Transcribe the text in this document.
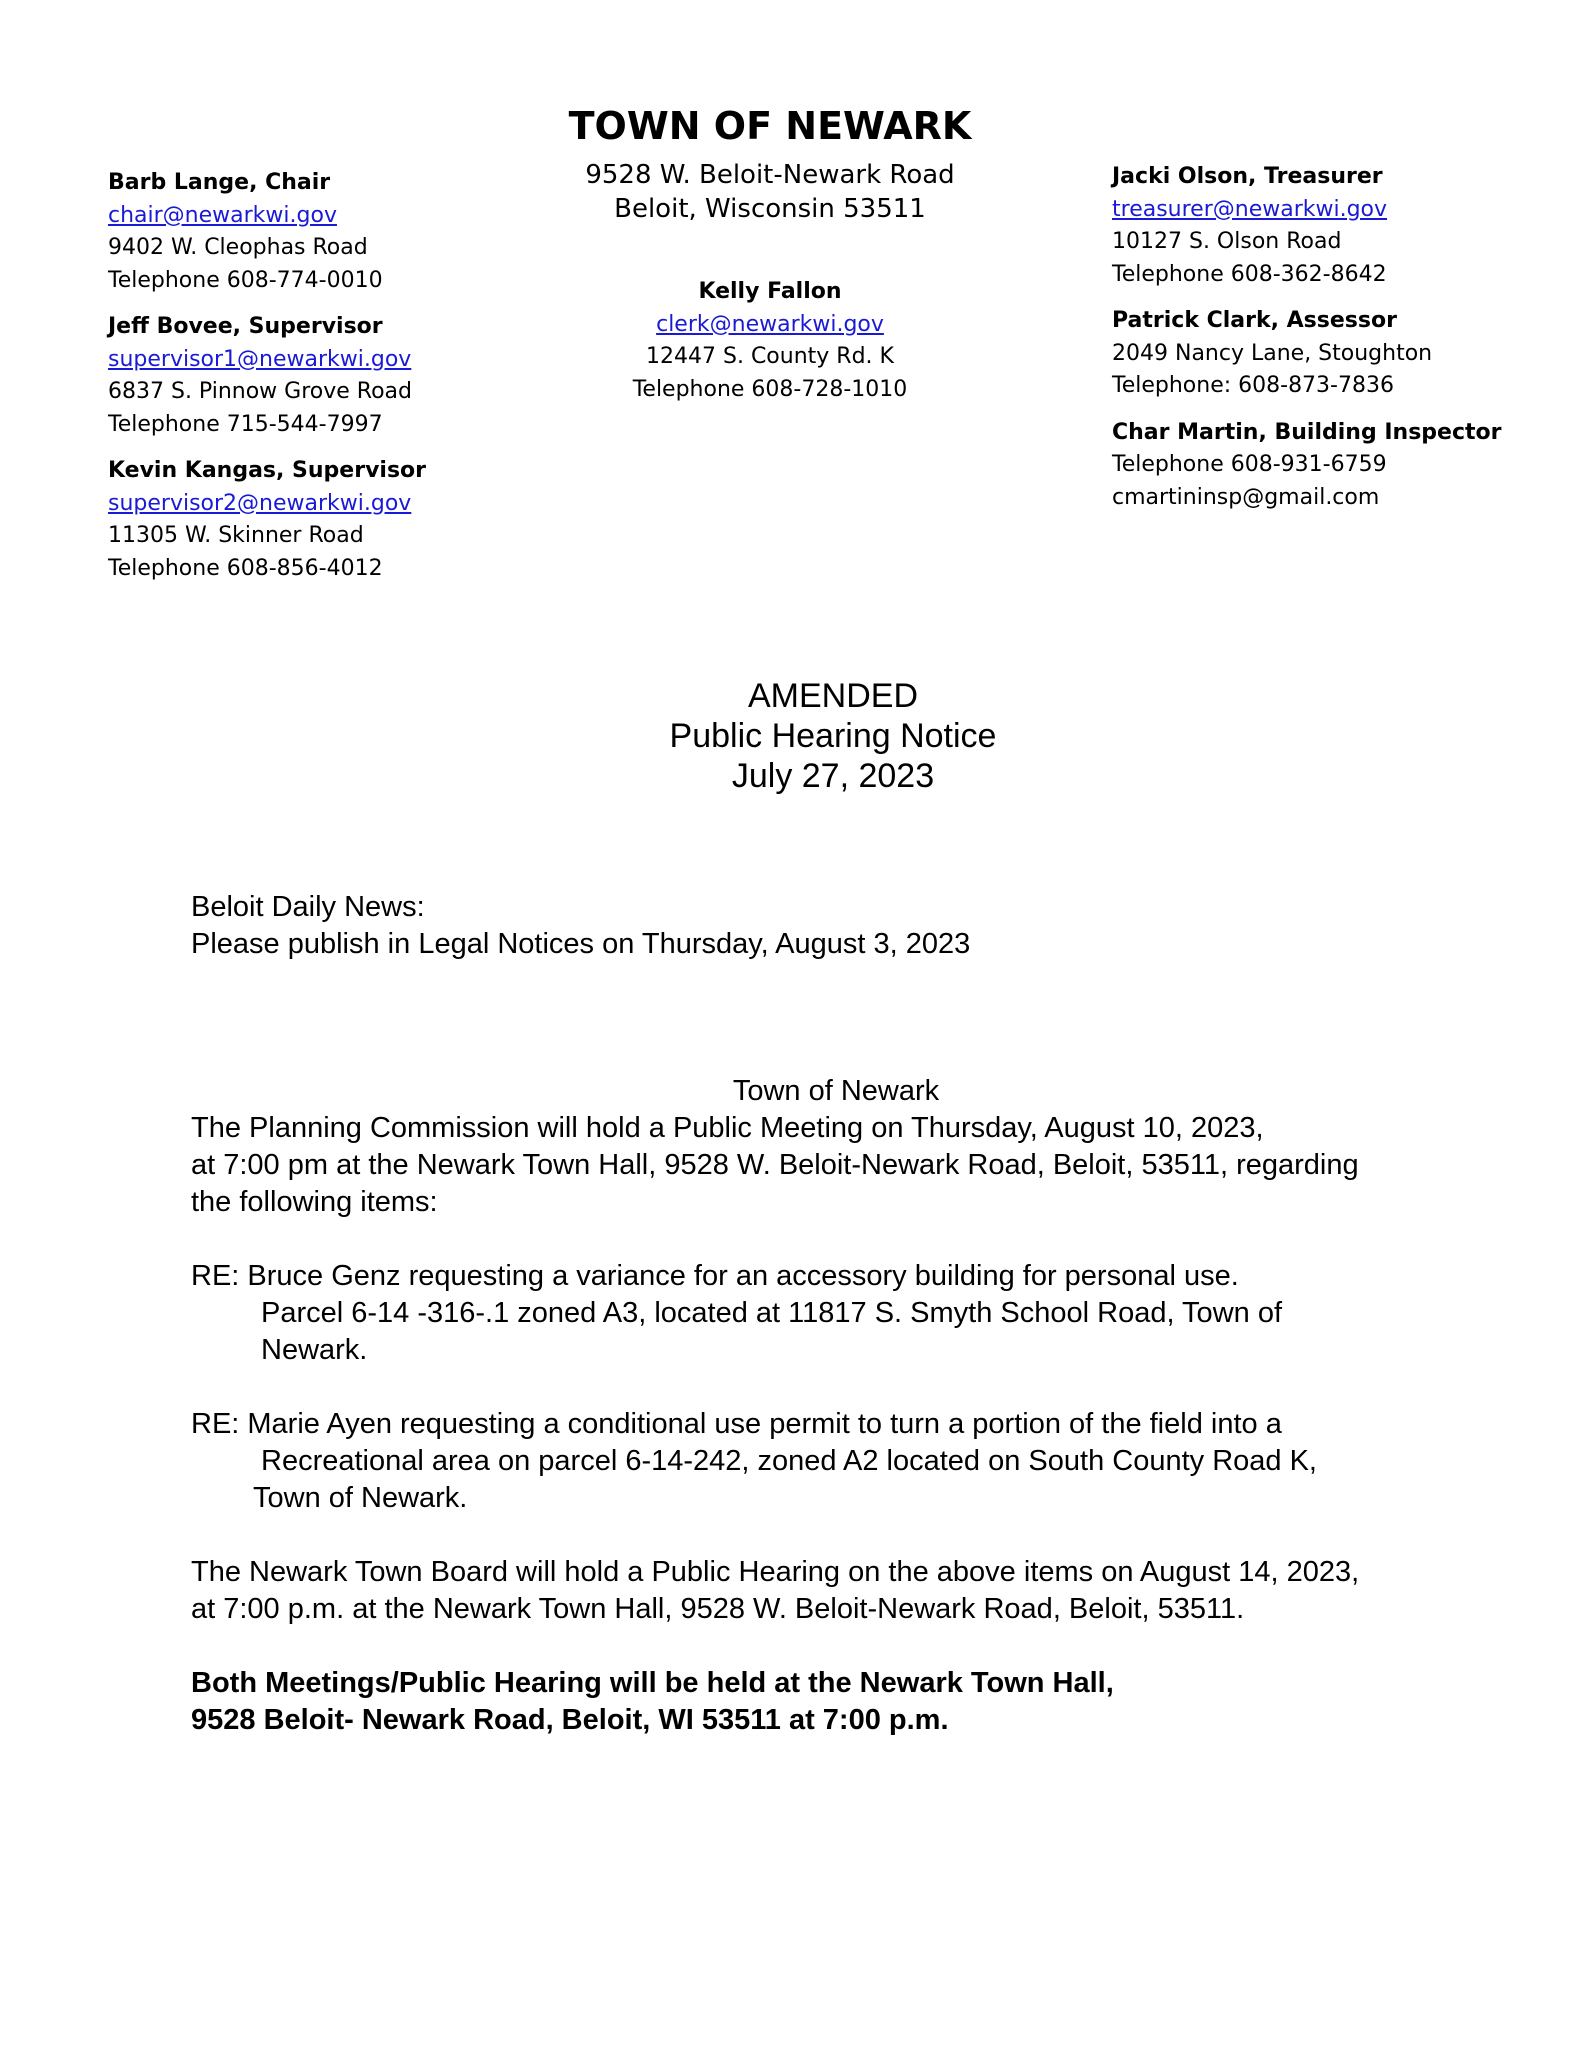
TOWN OF NEWARK
9528 W. Beloit-Newark Road
Beloit, Wisconsin 53511
Barb Lange, Chair
chair@newarkwi.gov
9402 W. Cleophas Road
Telephone 608-774-0010
Jeff Bovee, Supervisor
supervisor1@newarkwi.gov
6837 S. Pinnow Grove Road
Telephone 715-544-7997
Kevin Kangas, Supervisor
supervisor2@newarkwi.gov
11305 W. Skinner Road
Telephone 608-856-4012
Kelly Fallon
clerk@newarkwi.gov
12447 S. County Rd. K
Telephone 608-728-1010
Jacki Olson, Treasurer
treasurer@newarkwi.gov
10127 S. Olson Road
Telephone 608-362-8642
Patrick Clark, Assessor
2049 Nancy Lane, Stoughton
Telephone: 608-873-7836
Char Martin, Building Inspector
Telephone 608-931-6759
cmartininsp@gmail.com
AMENDED
Public Hearing Notice
July 27, 2023
Beloit Daily News:
Please publish in Legal Notices on Thursday, August 3, 2023
Town of Newark
The Planning Commission will hold a Public Meeting on Thursday, August 10, 2023,
at 7:00 pm at the Newark Town Hall, 9528 W. Beloit-Newark Road, Beloit, 53511, regarding
the following items:
RE: Bruce Genz requesting a variance for an accessory building for personal use.
Parcel 6-14 -316-.1 zoned A3, located at 11817 S. Smyth School Road, Town of
Newark.
RE: Marie Ayen requesting a conditional use permit to turn a portion of the field into a
Recreational area on parcel 6-14-242, zoned A2 located on South County Road K,
Town of Newark.
The Newark Town Board will hold a Public Hearing on the above items on August 14, 2023,
at 7:00 p.m. at the Newark Town Hall, 9528 W. Beloit-Newark Road, Beloit, 53511.
Both Meetings/Public Hearing will be held at the Newark Town Hall,
9528 Beloit- Newark Road, Beloit, WI 53511 at 7:00 p.m.
